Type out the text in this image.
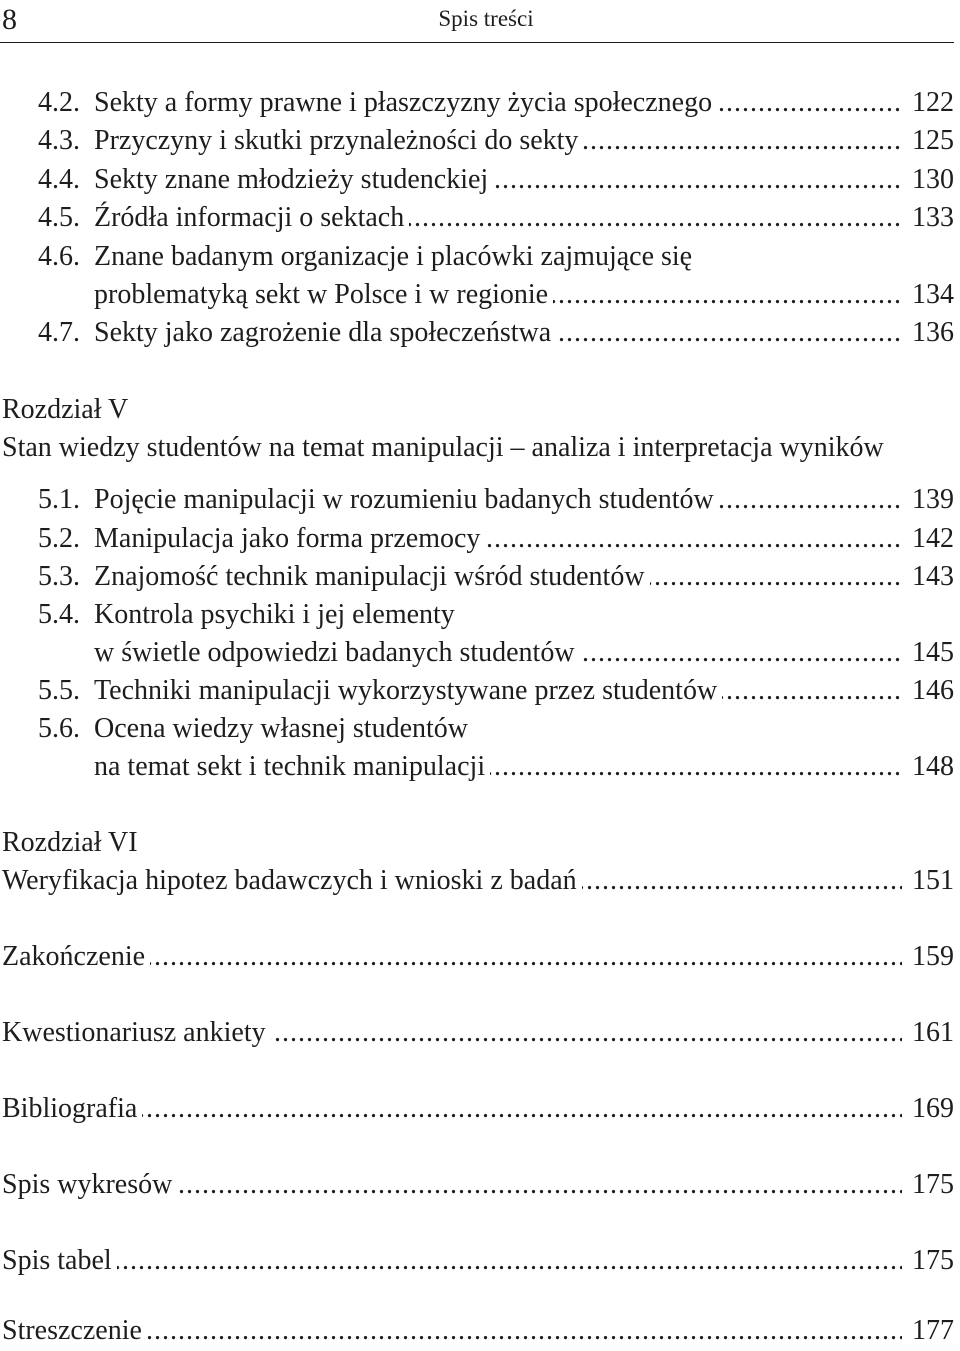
8	Spis treści
4.2. Sekty a formy prawne i płaszczyzny życia społecznego .....	122
4.3. Przyczyny i skutki przynależności do sekty .....	125
4.4. Sekty znane młodzieży studenckiej .....	130
4.5. Źródła informacji o sektach .....	133
4.6. Znane badanym organizacje i placówki zajmujące się
problematyką sekt w Polsce i w regionie .....	134
4.7. Sekty jako zagrożenie dla społeczeństwa .....	136
Rozdział V
Stan wiedzy studentów na temat manipulacji – analiza i interpretacja wyników
5.1. Pojęcie manipulacji w rozumieniu badanych studentów .....	139
5.2. Manipulacja jako forma przemocy .....	142
5.3. Znajomość technik manipulacji wśród studentów .....	143
5.4. Kontrola psychiki i jej elementy
w świetle odpowiedzi badanych studentów .....	145
5.5. Techniki manipulacji wykorzystywane przez studentów .....	146
5.6. Ocena wiedzy własnej studentów
na temat sekt i technik manipulacji .....	148
Rozdział VI
Weryfikacja hipotez badawczych i wnioski z badań .....	151
Zakończenie .....	159
Kwestionariusz ankiety .....	161
Bibliografia .....	169
Spis wykresów .....	175
Spis tabel .....	175
Streszczenie .....	177
